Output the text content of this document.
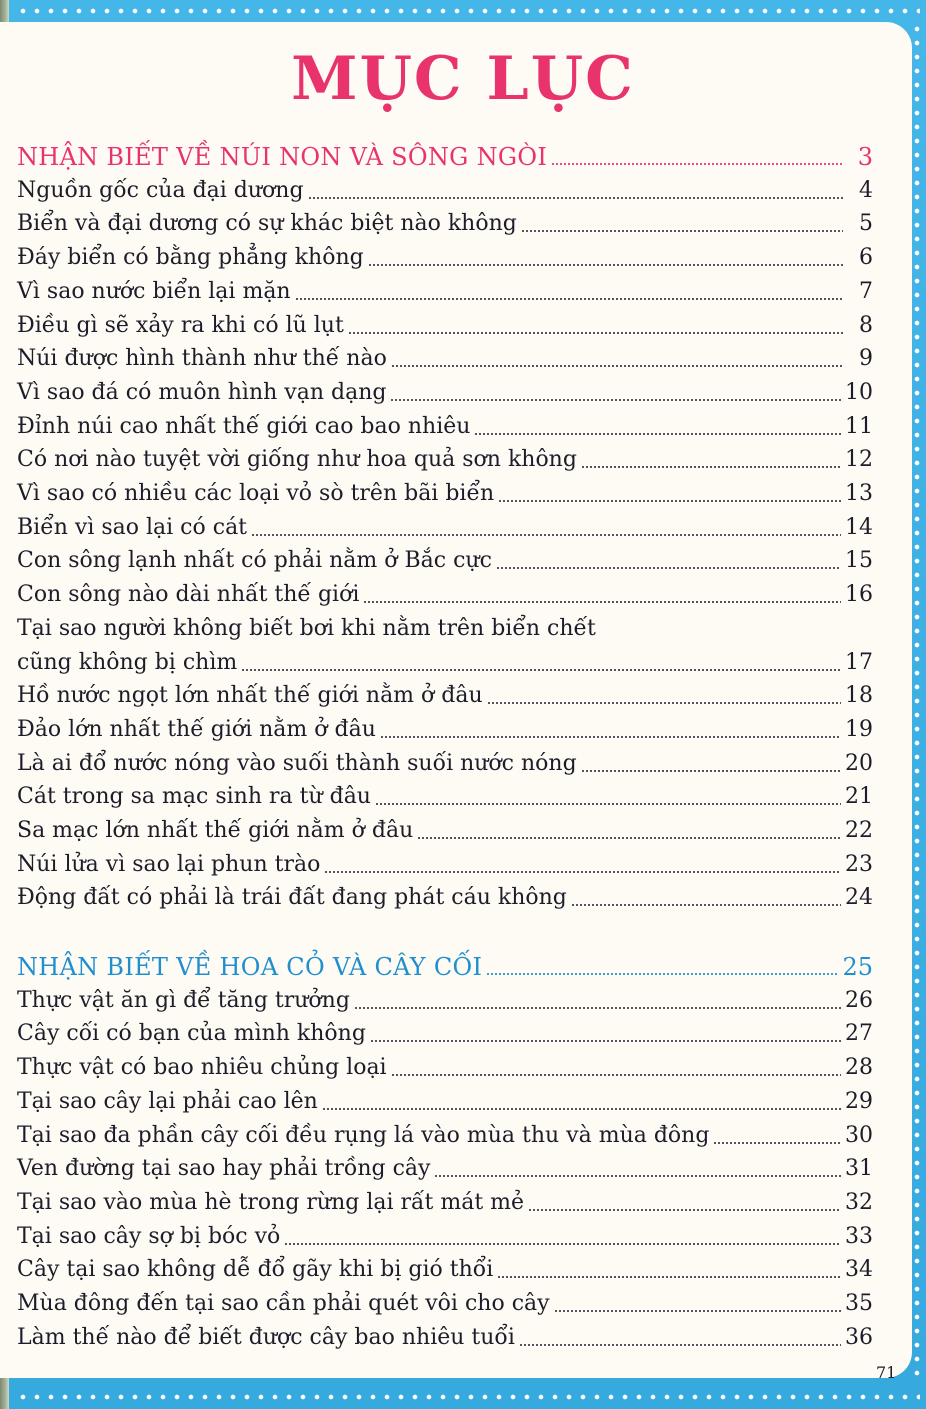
MỤC LỤC
NHẬN BIẾT VỀ NÚI NON VÀ SÔNG NGÒI	3
Nguồn gốc của đại dương	4
Biển và đại dương có sự khác biệt nào không	5
Đáy biển có bằng phẳng không	6
Vì sao nước biển lại mặn	7
Điều gì sẽ xảy ra khi có lũ lụt	8
Núi được hình thành như thế nào	9
Vì sao đá có muôn hình vạn dạng	10
Đỉnh núi cao nhất thế giới cao bao nhiêu	11
Có nơi nào tuyệt vời giống như hoa quả sơn không	12
Vì sao có nhiều các loại vỏ sò trên bãi biển	13
Biển vì sao lại có cát	14
Con sông lạnh nhất có phải nằm ở Bắc cực	15
Con sông nào dài nhất thế giới	16
Tại sao người không biết bơi khi nằm trên biển chết
cũng không bị chìm	17
Hồ nước ngọt lớn nhất thế giới nằm ở đâu	18
Đảo lớn nhất thế giới nằm ở đâu	19
Là ai đổ nước nóng vào suối thành suối nước nóng	20
Cát trong sa mạc sinh ra từ đâu	21
Sa mạc lớn nhất thế giới nằm ở đâu	22
Núi lửa vì sao lại phun trào	23
Động đất có phải là trái đất đang phát cáu không	24
NHẬN BIẾT VỀ HOA CỎ VÀ CÂY CỐI	25
Thực vật ăn gì để tăng trưởng	26
Cây cối có bạn của mình không	27
Thực vật có bao nhiêu chủng loại	28
Tại sao cây lại phải cao lên	29
Tại sao đa phần cây cối đều rụng lá vào mùa thu và mùa đông	30
Ven đường tại sao hay phải trồng cây	31
Tại sao vào mùa hè trong rừng lại rất mát mẻ	32
Tại sao cây sợ bị bóc vỏ	33
Cây tại sao không dễ đổ gãy khi bị gió thổi	34
Mùa đông đến tại sao cần phải quét vôi cho cây	35
Làm thế nào để biết được cây bao nhiêu tuổi	36
71
